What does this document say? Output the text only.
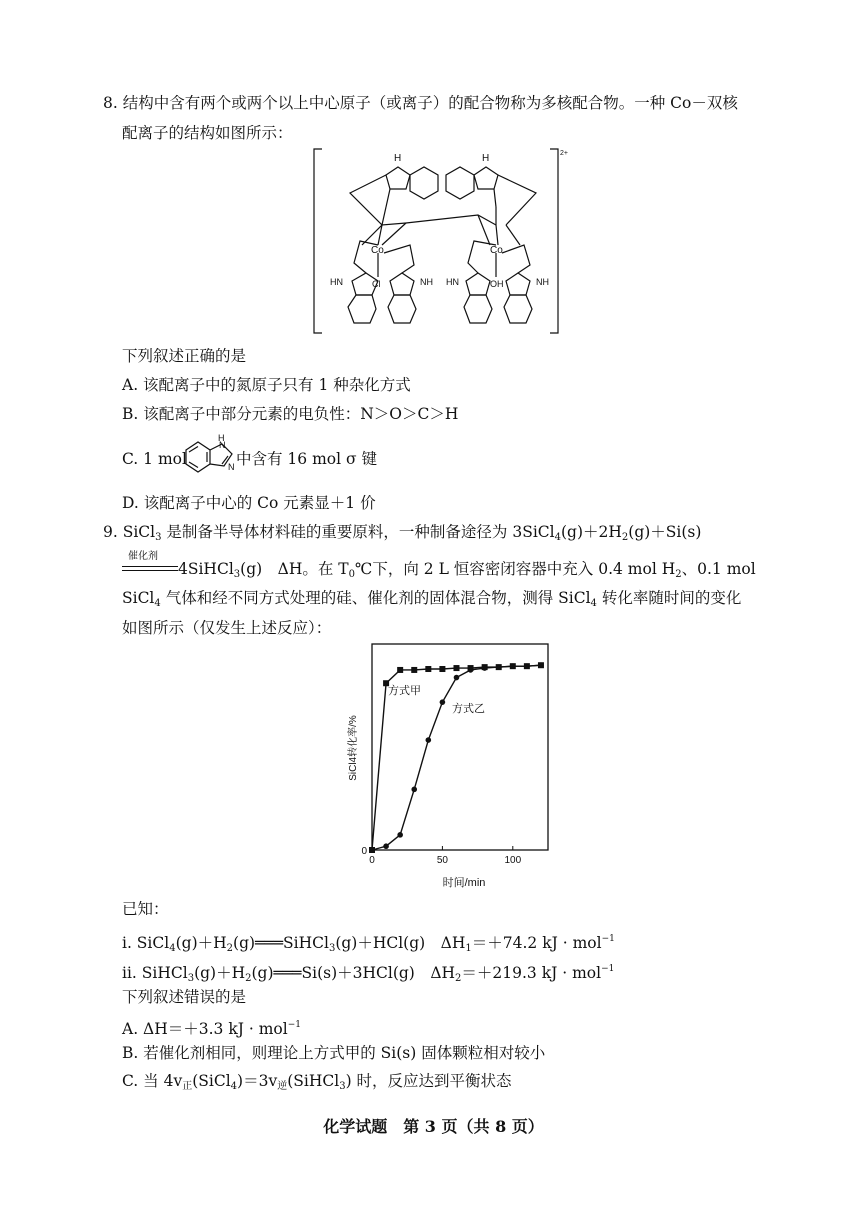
8. 结构中含有两个或两个以上中心原子（或离子）的配合物称为多核配合物。一种 Co－双核
配离子的结构如图所示：
H	H
Co	Co
Cl	OH
HN	NH HN	NH
2+
下列叙述正确的是
A. 该配离子中的氮原子只有 1 种杂化方式
B. 该配离子中部分元素的电负性：N＞O＞C＞H
C. 1 mol
H
N
N 中含有 16 mol σ 键
D. 该配离子中心的 Co 元素显＋1 价
9. SiCl$_3$ 是制备半导体材料硅的重要原料，一种制备途径为 $3SiCl_4(g)+2H_2(g)+Si(s)$
催化剂
4SiHCl$_3$(g)　ΔH。在 $T_0℃$下，向 2 L 恒容密闭容器中充入 0.4 mol $H_2$、0.1 mol
SiCl$_4$ 气体和经不同方式处理的硅、催化剂的固体混合物，测得 SiCl$_4$ 转化率随时间的变化
如图所示（仅发生上述反应）：
SiCl4转化率/%
时间/min
0	50	100
0
方式甲
方式乙
已知：
ⅰ. $SiCl_4(g)+H_2(g)═══SiHCl_3(g)+HCl(g)$　$\Delta H_1=+74.2$ kJ · mol$^{-1}$
ⅱ. $SiHCl_3(g)+H_2(g)═══Si(s)+3HCl(g)$　$\Delta H_2=+219.3$ kJ · mol$^{-1}$
下列叙述错误的是
A. ΔH＝＋3.3 kJ · mol$^{-1}$
B. 若催化剂相同，则理论上方式甲的 Si(s) 固体颗粒相对较小
C. 当 $4v_正(SiCl_4)=3v_逆(SiHCl_3)$ 时，反应达到平衡状态
化学试题　第 3 页（共 8 页）
